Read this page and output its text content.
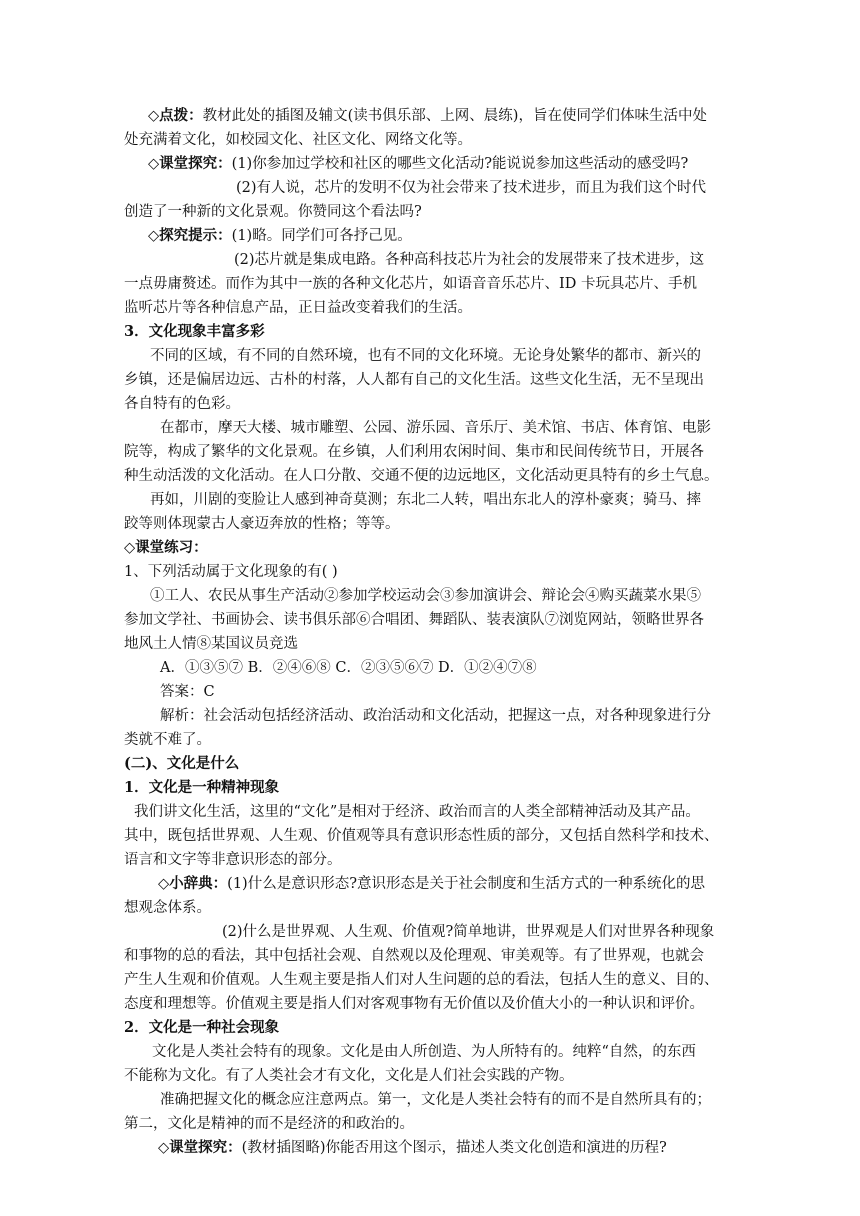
◇点拨：教材此处的插图及辅文(读书俱乐部、上网、晨练)，旨在使同学们体味生活中处
处充满着文化，如校园文化、社区文化、网络文化等。
◇课堂探究：(1)你参加过学校和社区的哪些文化活动?能说说参加这些活动的感受吗?
(2)有人说，芯片的发明不仅为社会带来了技术进步，而且为我们这个时代
创造了一种新的文化景观。你赞同这个看法吗?
◇探究提示：(1)略。同学们可各抒己见。
(2)芯片就是集成电路。各种高科技芯片为社会的发展带来了技术进步，这
一点毋庸赘述。而作为其中一族的各种文化芯片，如语音音乐芯片、ID 卡玩具芯片、手机
监听芯片等各种信息产品，正日益改变着我们的生活。
3．文化现象丰富多彩
不同的区域，有不同的自然环境，也有不同的文化环境。无论身处繁华的都市、新兴的
乡镇，还是偏居边远、古朴的村落，人人都有自己的文化生活。这些文化生活，无不呈现出
各自特有的色彩。
在都市，摩天大楼、城市雕塑、公园、游乐园、音乐厅、美术馆、书店、体育馆、电影
院等，构成了繁华的文化景观。在乡镇，人们利用农闲时间、集市和民间传统节日，开展各
种生动活泼的文化活动。在人口分散、交通不便的边远地区，文化活动更具特有的乡土气息。
再如，川剧的变脸让人感到神奇莫测；东北二人转，唱出东北人的淳朴豪爽；骑马、摔
跤等则体现蒙古人豪迈奔放的性格；等等。
◇课堂练习：
1、下列活动属于文化现象的有( )
①工人、农民从事生产活动②参加学校运动会③参加演讲会、辩论会④购买蔬菜水果⑤
参加文学社、书画协会、读书俱乐部⑥合唱团、舞蹈队、装表演队⑦浏览网站，领略世界各
地风土人情⑧某国议员竞选
A．①③⑤⑦ B．②④⑥⑧ C．②③⑤⑥⑦ D．①②④⑦⑧
答案：C
解析：社会活动包括经济活动、政治活动和文化活动，把握这一点，对各种现象进行分
类就不难了。
(二)、文化是什么
1．文化是一种精神现象
我们讲文化生活，这里的“文化”是相对于经济、政治而言的人类全部精神活动及其产品。
其中，既包括世界观、人生观、价值观等具有意识形态性质的部分，又包括自然科学和技术、
语言和文字等非意识形态的部分。
◇小辞典：(1)什么是意识形态?意识形态是关于社会制度和生活方式的一种系统化的思
想观念体系。
(2)什么是世界观、人生观、价值观?简单地讲，世界观是人们对世界各种现象
和事物的总的看法，其中包括社会观、自然观以及伦理观、审美观等。有了世界观，也就会
产生人生观和价值观。人生观主要是指人们对人生问题的总的看法，包括人生的意义、目的、
态度和理想等。价值观主要是指人们对客观事物有无价值以及价值大小的一种认识和评价。
2．文化是一种社会现象
文化是人类社会特有的现象。文化是由人所创造、为人所特有的。纯粹“自然，的东西
不能称为文化。有了人类社会才有文化，文化是人们社会实践的产物。
准确把握文化的概念应注意两点。第一，文化是人类社会特有的而不是自然所具有的；
第二，文化是精神的而不是经济的和政治的。
◇课堂探究：(教材插图略)你能否用这个图示，描述人类文化创造和演进的历程?
